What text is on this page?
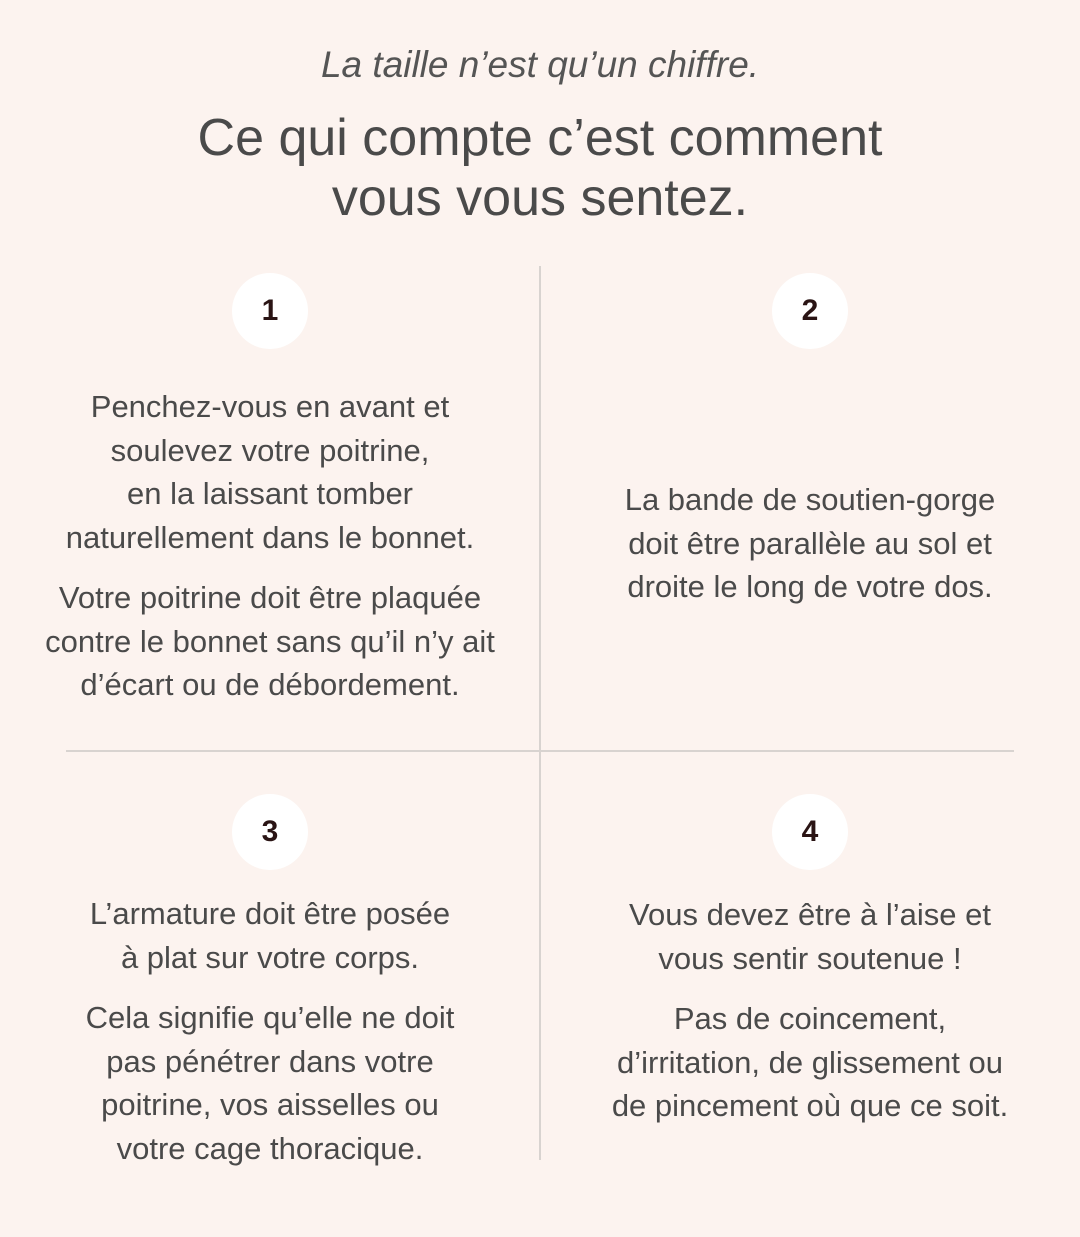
La taille n’est qu’un chiffre.
Ce qui compte c’est comment
vous vous sentez.
1

Penchez-vous en avant et
soulevez votre poitrine,
en la laissant tomber
naturellement dans le bonnet.

Votre poitrine doit être plaquée
contre le bonnet sans qu’il n’y ait
d’écart ou de débordement.

2

La bande de soutien-gorge
doit être parallèle au sol et
droite le long de votre dos.

3

L’armature doit être posée
à plat sur votre corps.

Cela signifie qu’elle ne doit
pas pénétrer dans votre
poitrine, vos aisselles ou
votre cage thoracique.

4

Vous devez être à l’aise et
vous sentir soutenue !

Pas de coincement,
d’irritation, de glissement ou
de pincement où que ce soit.
